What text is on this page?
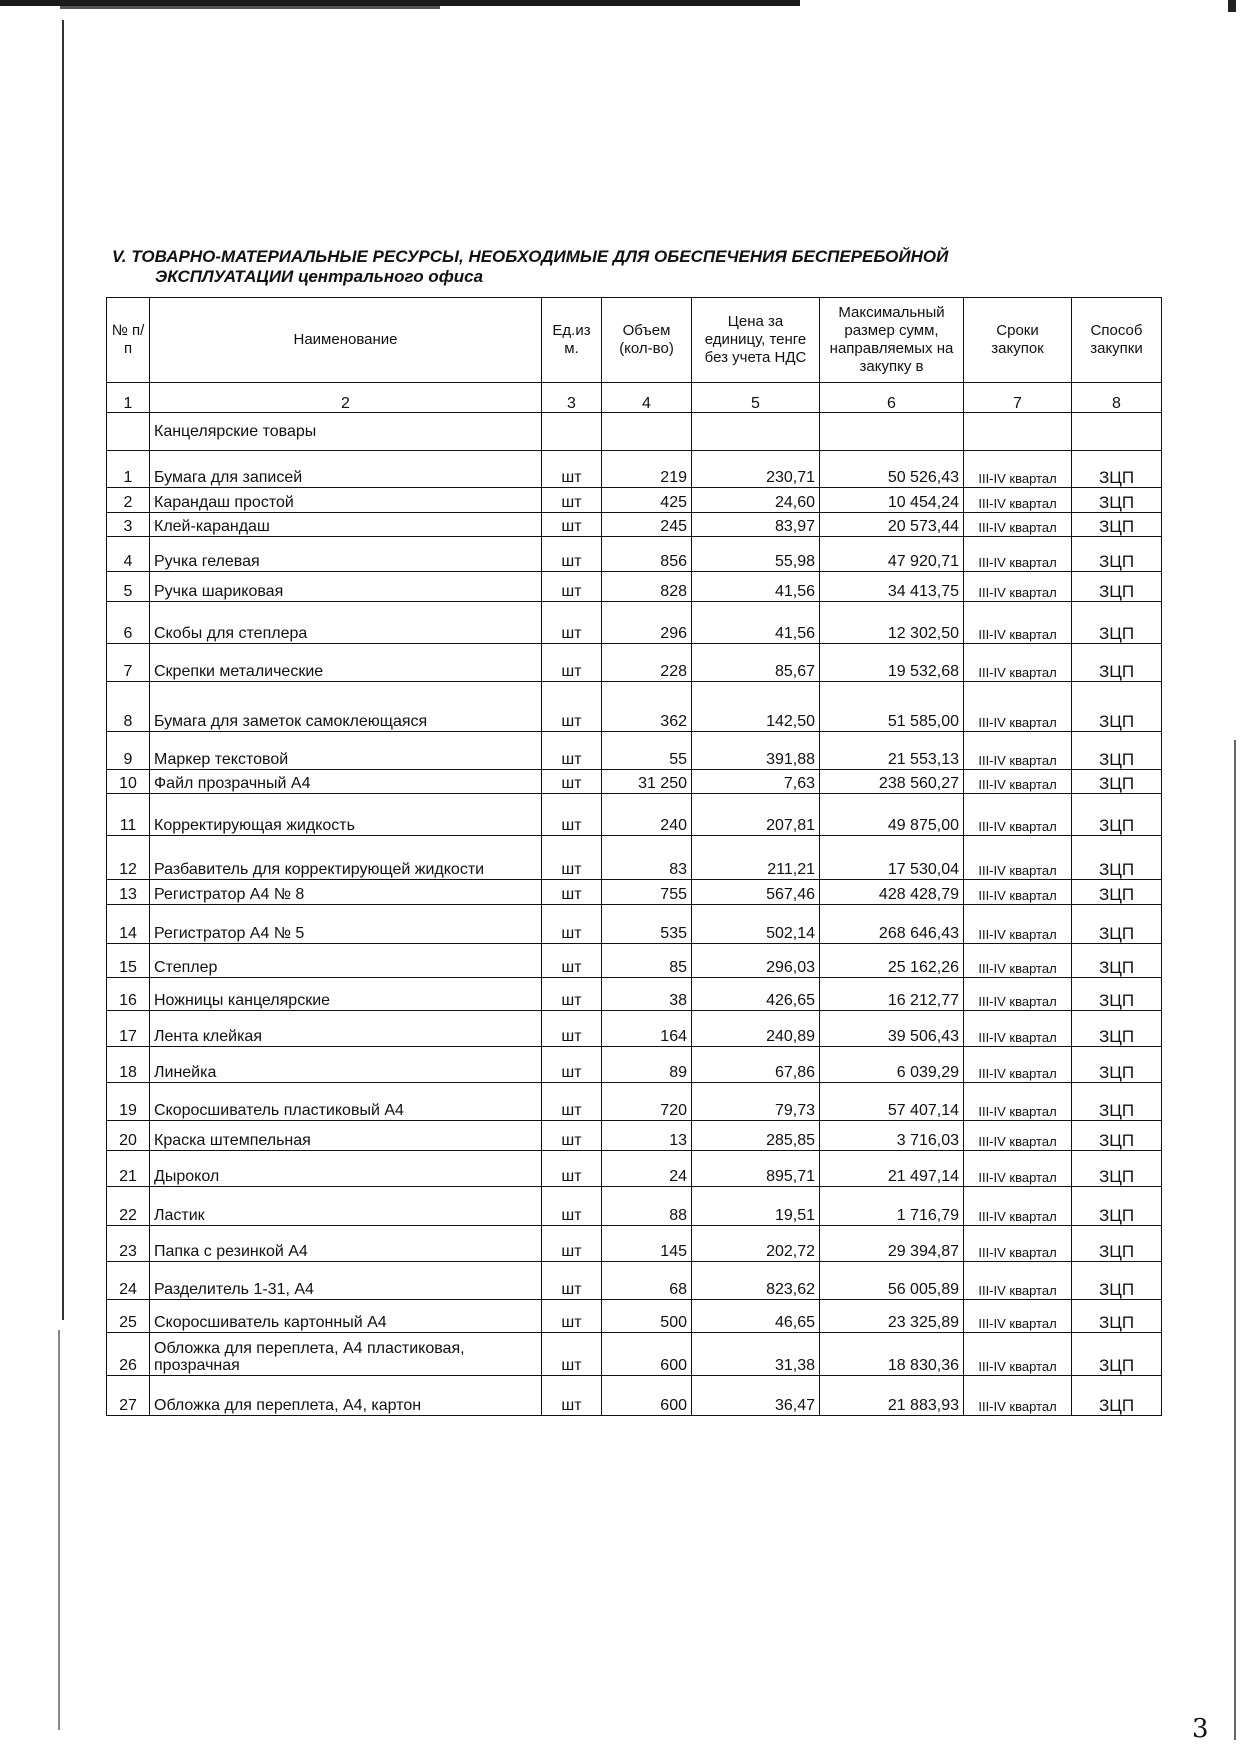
V. ТОВАРНО-МАТЕРИАЛЬНЫЕ РЕСУРСЫ, НЕОБХОДИМЫЕ ДЛЯ ОБЕСПЕЧЕНИЯ БЕСПЕРЕБОЙНОЙ
ЭКСПЛУАТАЦИИ центрального офиса
№ п/п	Наименование	Ед.из м.	Объем (кол-во)	Цена за единицу, тенге без учета НДС	Максимальный размер сумм, направляемых на закупку в	Сроки закупок	Способ закупки
1	2	3	4	5	6	7	8
	Канцелярские товары						
1	Бумага для записей	шт	219	230,71	50 526,43	III-IV квартал	ЗЦП
2	Карандаш простой	шт	425	24,60	10 454,24	III-IV квартал	ЗЦП
3	Клей-карандаш	шт	245	83,97	20 573,44	III-IV квартал	ЗЦП
4	Ручка гелевая	шт	856	55,98	47 920,71	III-IV квартал	ЗЦП
5	Ручка шариковая	шт	828	41,56	34 413,75	III-IV квартал	ЗЦП
6	Скобы для степлера	шт	296	41,56	12 302,50	III-IV квартал	ЗЦП
7	Скрепки металические	шт	228	85,67	19 532,68	III-IV квартал	ЗЦП
8	Бумага для заметок самоклеющаяся	шт	362	142,50	51 585,00	III-IV квартал	ЗЦП
9	Маркер текстовой	шт	55	391,88	21 553,13	III-IV квартал	ЗЦП
10	Файл прозрачный А4	шт	31 250	7,63	238 560,27	III-IV квартал	ЗЦП
11	Корректирующая жидкость	шт	240	207,81	49 875,00	III-IV квартал	ЗЦП
12	Разбавитель для корректирующей жидкости	шт	83	211,21	17 530,04	III-IV квартал	ЗЦП
13	Регистратор А4 № 8	шт	755	567,46	428 428,79	III-IV квартал	ЗЦП
14	Регистратор А4 № 5	шт	535	502,14	268 646,43	III-IV квартал	ЗЦП
15	Степлер	шт	85	296,03	25 162,26	III-IV квартал	ЗЦП
16	Ножницы канцелярские	шт	38	426,65	16 212,77	III-IV квартал	ЗЦП
17	Лента клейкая	шт	164	240,89	39 506,43	III-IV квартал	ЗЦП
18	Линейка	шт	89	67,86	6 039,29	III-IV квартал	ЗЦП
19	Скоросшиватель пластиковый А4	шт	720	79,73	57 407,14	III-IV квартал	ЗЦП
20	Краска штемпельная	шт	13	285,85	3 716,03	III-IV квартал	ЗЦП
21	Дырокол	шт	24	895,71	21 497,14	III-IV квартал	ЗЦП
22	Ластик	шт	88	19,51	1 716,79	III-IV квартал	ЗЦП
23	Папка с резинкой А4	шт	145	202,72	29 394,87	III-IV квартал	ЗЦП
24	Разделитель 1-31, А4	шт	68	823,62	56 005,89	III-IV квартал	ЗЦП
25	Скоросшиватель картонный А4	шт	500	46,65	23 325,89	III-IV квартал	ЗЦП
26	Обложка для переплета, А4 пластиковая, прозрачная	шт	600	31,38	18 830,36	III-IV квартал	ЗЦП
27	Обложка для переплета, А4, картон	шт	600	36,47	21 883,93	III-IV квартал	ЗЦП
3
